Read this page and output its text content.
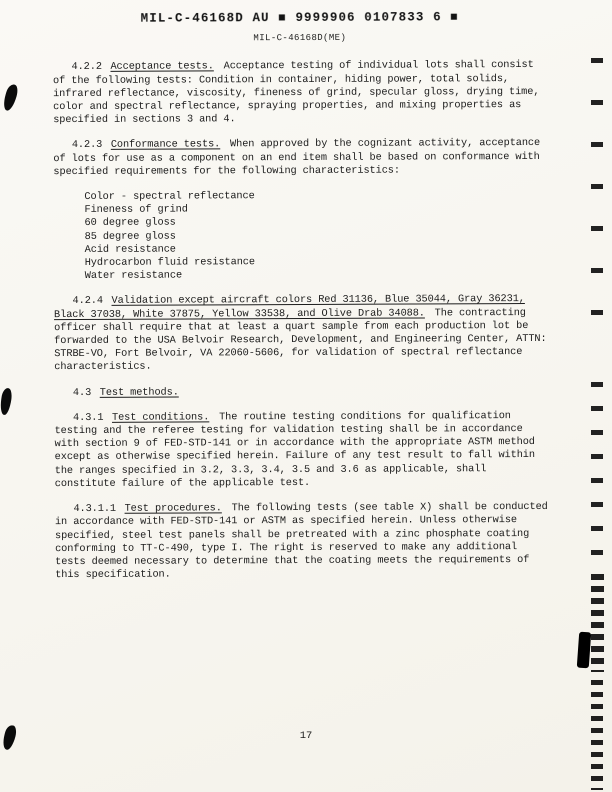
MIL-C-46168D AU ■ 9999906 0107833 6 ■
MIL-C-46168D(ME)

4.2.2 Acceptance tests. Acceptance testing of individual lots shall consist of the following tests: Condition in container, hiding power, total solids, infrared reflectance, viscosity, fineness of grind, specular gloss, drying time, color and spectral reflectance, spraying properties, and mixing properties as specified in sections 3 and 4.

4.2.3 Conformance tests. When approved by the cognizant activity, acceptance of lots for use as a component on an end item shall be based on conformance with specified requirements for the following characteristics:

Color - spectral reflectance
Fineness of grind
60 degree gloss
85 degree gloss
Acid resistance
Hydrocarbon fluid resistance
Water resistance

4.2.4 Validation except aircraft colors Red 31136, Blue 35044, Gray 36231, Black 37038, White 37875, Yellow 33538, and Olive Drab 34088. The contracting officer shall require that at least a quart sample from each production lot be forwarded to the USA Belvoir Research, Development, and Engineering Center, ATTN: STRBE-VO, Fort Belvoir, VA 22060-5606, for validation of spectral reflectance characteristics.

4.3 Test methods.

4.3.1 Test conditions. The routine testing conditions for qualification testing and the referee testing for validation testing shall be in accordance with section 9 of FED-STD-141 or in accordance with the appropriate ASTM method except as otherwise specified herein. Failure of any test result to fall within the ranges specified in 3.2, 3.3, 3.4, 3.5 and 3.6 as applicable, shall constitute failure of the applicable test.

4.3.1.1 Test procedures. The following tests (see table X) shall be conducted in accordance with FED-STD-141 or ASTM as specified herein. Unless otherwise specified, steel test panels shall be pretreated with a zinc phosphate coating conforming to TT-C-490, type I. The right is reserved to make any additional tests deemed necessary to determine that the coating meets the requirements of this specification.

17
